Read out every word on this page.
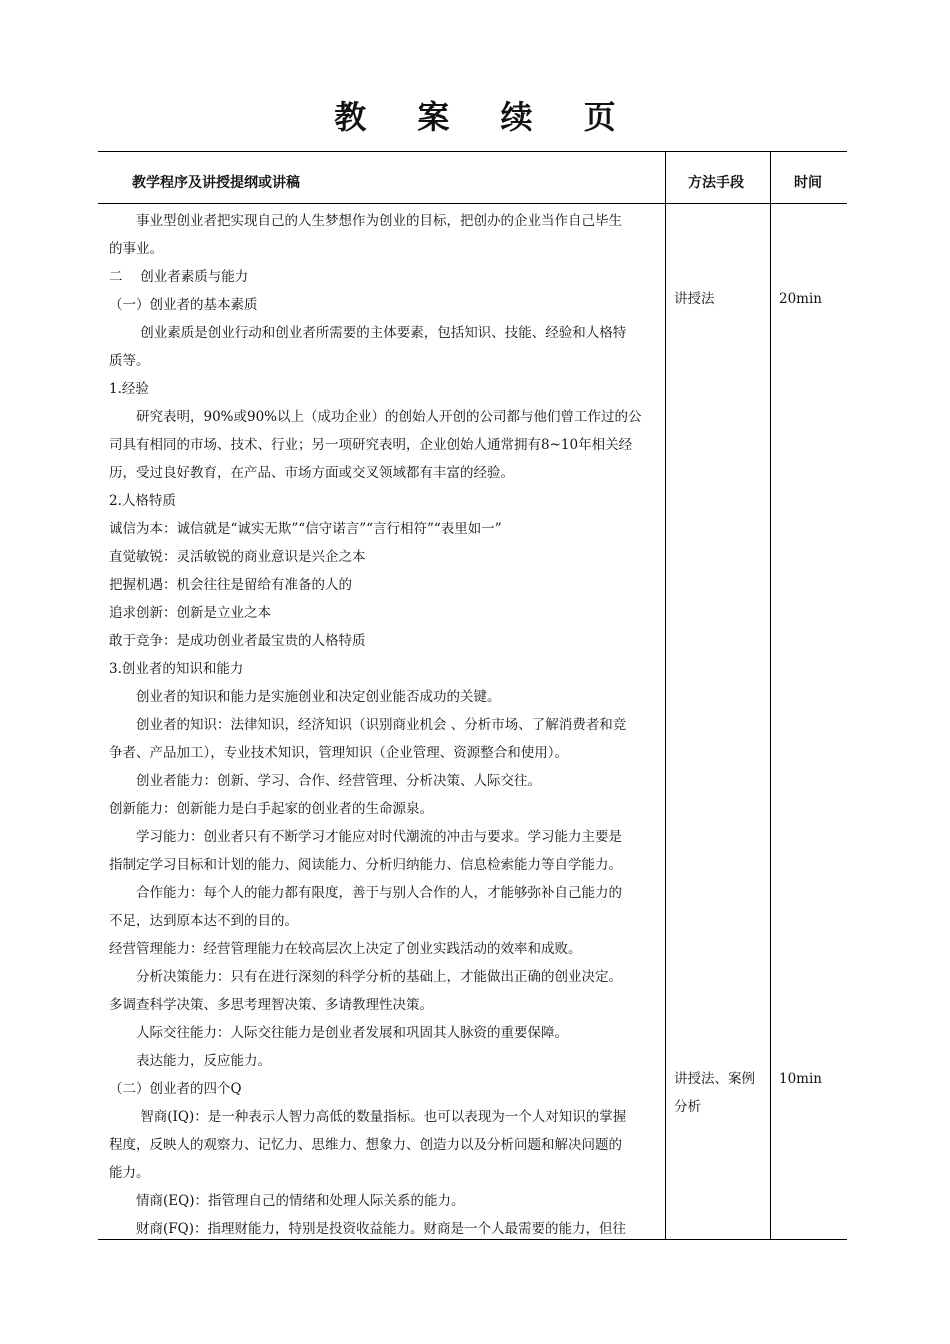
教 案 续 页
教学程序及讲授提纲或讲稿	方法手段	时间
　　事业型创业者把实现自己的人生梦想作为创业的目标，把创办的企业当作自己毕生
的事业。
二　 创业者素质与能力
（一）创业者的基本素质
　　 创业素质是创业行动和创业者所需要的主体要素，包括知识、技能、经验和人格特
质等。
1.经验
　　研究表明，90%或90%以上（成功企业）的创始人开创的公司都与他们曾工作过的公
司具有相同的市场、技术、行业；另一项研究表明，企业创始人通常拥有8~10年相关经
历，受过良好教育，在产品、市场方面或交叉领域都有丰富的经验。
2.人格特质
诚信为本：诚信就是“诚实无欺”“信守诺言”“言行相符”“表里如一”
直觉敏锐：灵活敏锐的商业意识是兴企之本
把握机遇：机会往往是留给有准备的人的
追求创新：创新是立业之本
敢于竞争：是成功创业者最宝贵的人格特质
3.创业者的知识和能力
　　创业者的知识和能力是实施创业和决定创业能否成功的关键。
　　创业者的知识：法律知识，经济知识（识别商业机会 、分析市场、了解消费者和竞
争者、产品加工），专业技术知识，管理知识（企业管理、资源整合和使用）。
　　创业者能力：创新、学习、合作、经营管理、分析决策、人际交往。
创新能力：创新能力是白手起家的创业者的生命源泉。
　　学习能力：创业者只有不断学习才能应对时代潮流的冲击与要求。学习能力主要是
指制定学习目标和计划的能力、阅读能力、分析归纳能力、信息检索能力等自学能力。
　　合作能力：每个人的能力都有限度，善于与别人合作的人，才能够弥补自己能力的
不足，达到原本达不到的目的。
经营管理能力：经营管理能力在较高层次上决定了创业实践活动的效率和成败。
　　分析决策能力：只有在进行深刻的科学分析的基础上，才能做出正确的创业决定。
多调查科学决策、多思考理智决策、多请教理性决策。
　　人际交往能力：人际交往能力是创业者发展和巩固其人脉资的重要保障。
　　表达能力，反应能力。
（二）创业者的四个Q
　　 智商(IQ)：是一种表示人智力高低的数量指标。也可以表现为一个人对知识的掌握
程度，反映人的观察力、记忆力、思维力、想象力、创造力以及分析问题和解决问题的
能力。
　　情商(EQ)：指管理自己的情绪和处理人际关系的能力。
　　财商(FQ)：指理财能力，特别是投资收益能力。财商是一个人最需要的能力，但往
讲授法
讲授法、案例分析
20min
10min
